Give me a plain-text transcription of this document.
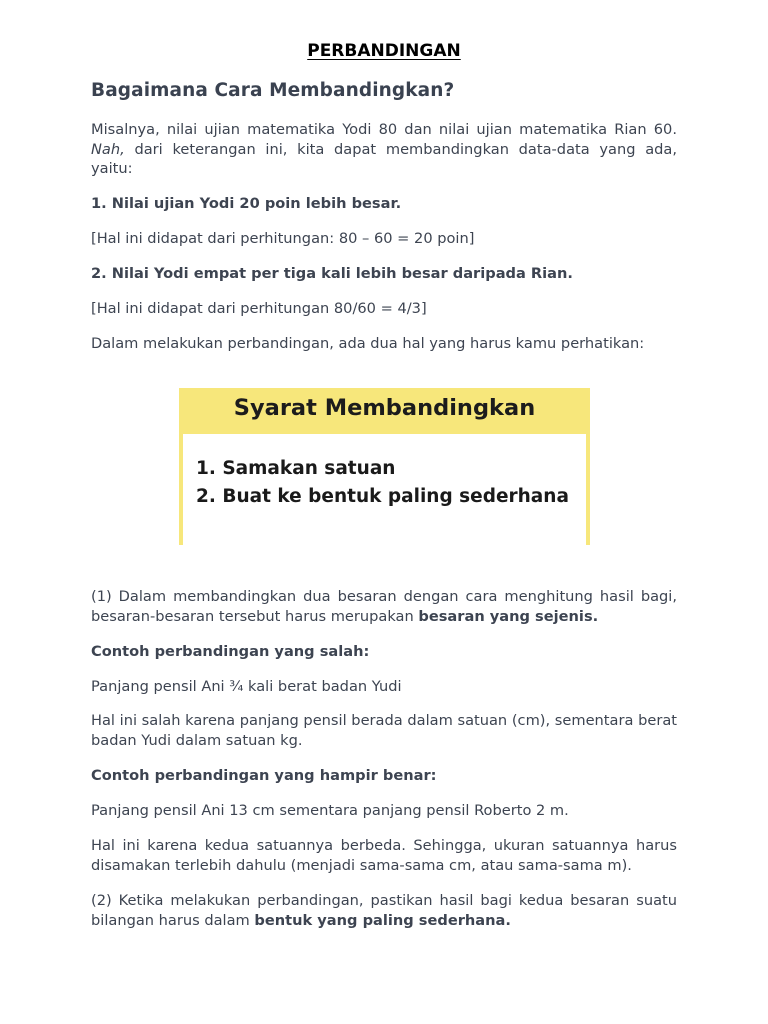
PERBANDINGAN
Bagaimana Cara Membandingkan?
Misalnya, nilai ujian matematika Yodi 80 dan nilai ujian matematika Rian 60. Nah, dari keterangan ini, kita dapat membandingkan data-data yang ada, yaitu:
1. Nilai ujian Yodi 20 poin lebih besar.
[Hal ini didapat dari perhitungan: 80 – 60 = 20 poin]
2. Nilai Yodi empat per tiga kali lebih besar daripada Rian.
[Hal ini didapat dari perhitungan 80/60 = 4/3]
Dalam melakukan perbandingan, ada dua hal yang harus kamu perhatikan:
Syarat Membandingkan
1. Samakan satuan
2. Buat ke bentuk paling sederhana
(1) Dalam membandingkan dua besaran dengan cara menghitung hasil bagi, besaran-besaran tersebut harus merupakan besaran yang sejenis.
Contoh perbandingan yang salah:
Panjang pensil Ani ¾ kali berat badan Yudi
Hal ini salah karena panjang pensil berada dalam satuan (cm), sementara berat badan Yudi dalam satuan kg.
Contoh perbandingan yang hampir benar:
Panjang pensil Ani 13 cm sementara panjang pensil Roberto 2 m.
Hal ini karena kedua satuannya berbeda. Sehingga, ukuran satuannya harus disamakan terlebih dahulu (menjadi sama-sama cm, atau sama-sama m).
(2) Ketika melakukan perbandingan, pastikan hasil bagi kedua besaran suatu bilangan harus dalam bentuk yang paling sederhana.
